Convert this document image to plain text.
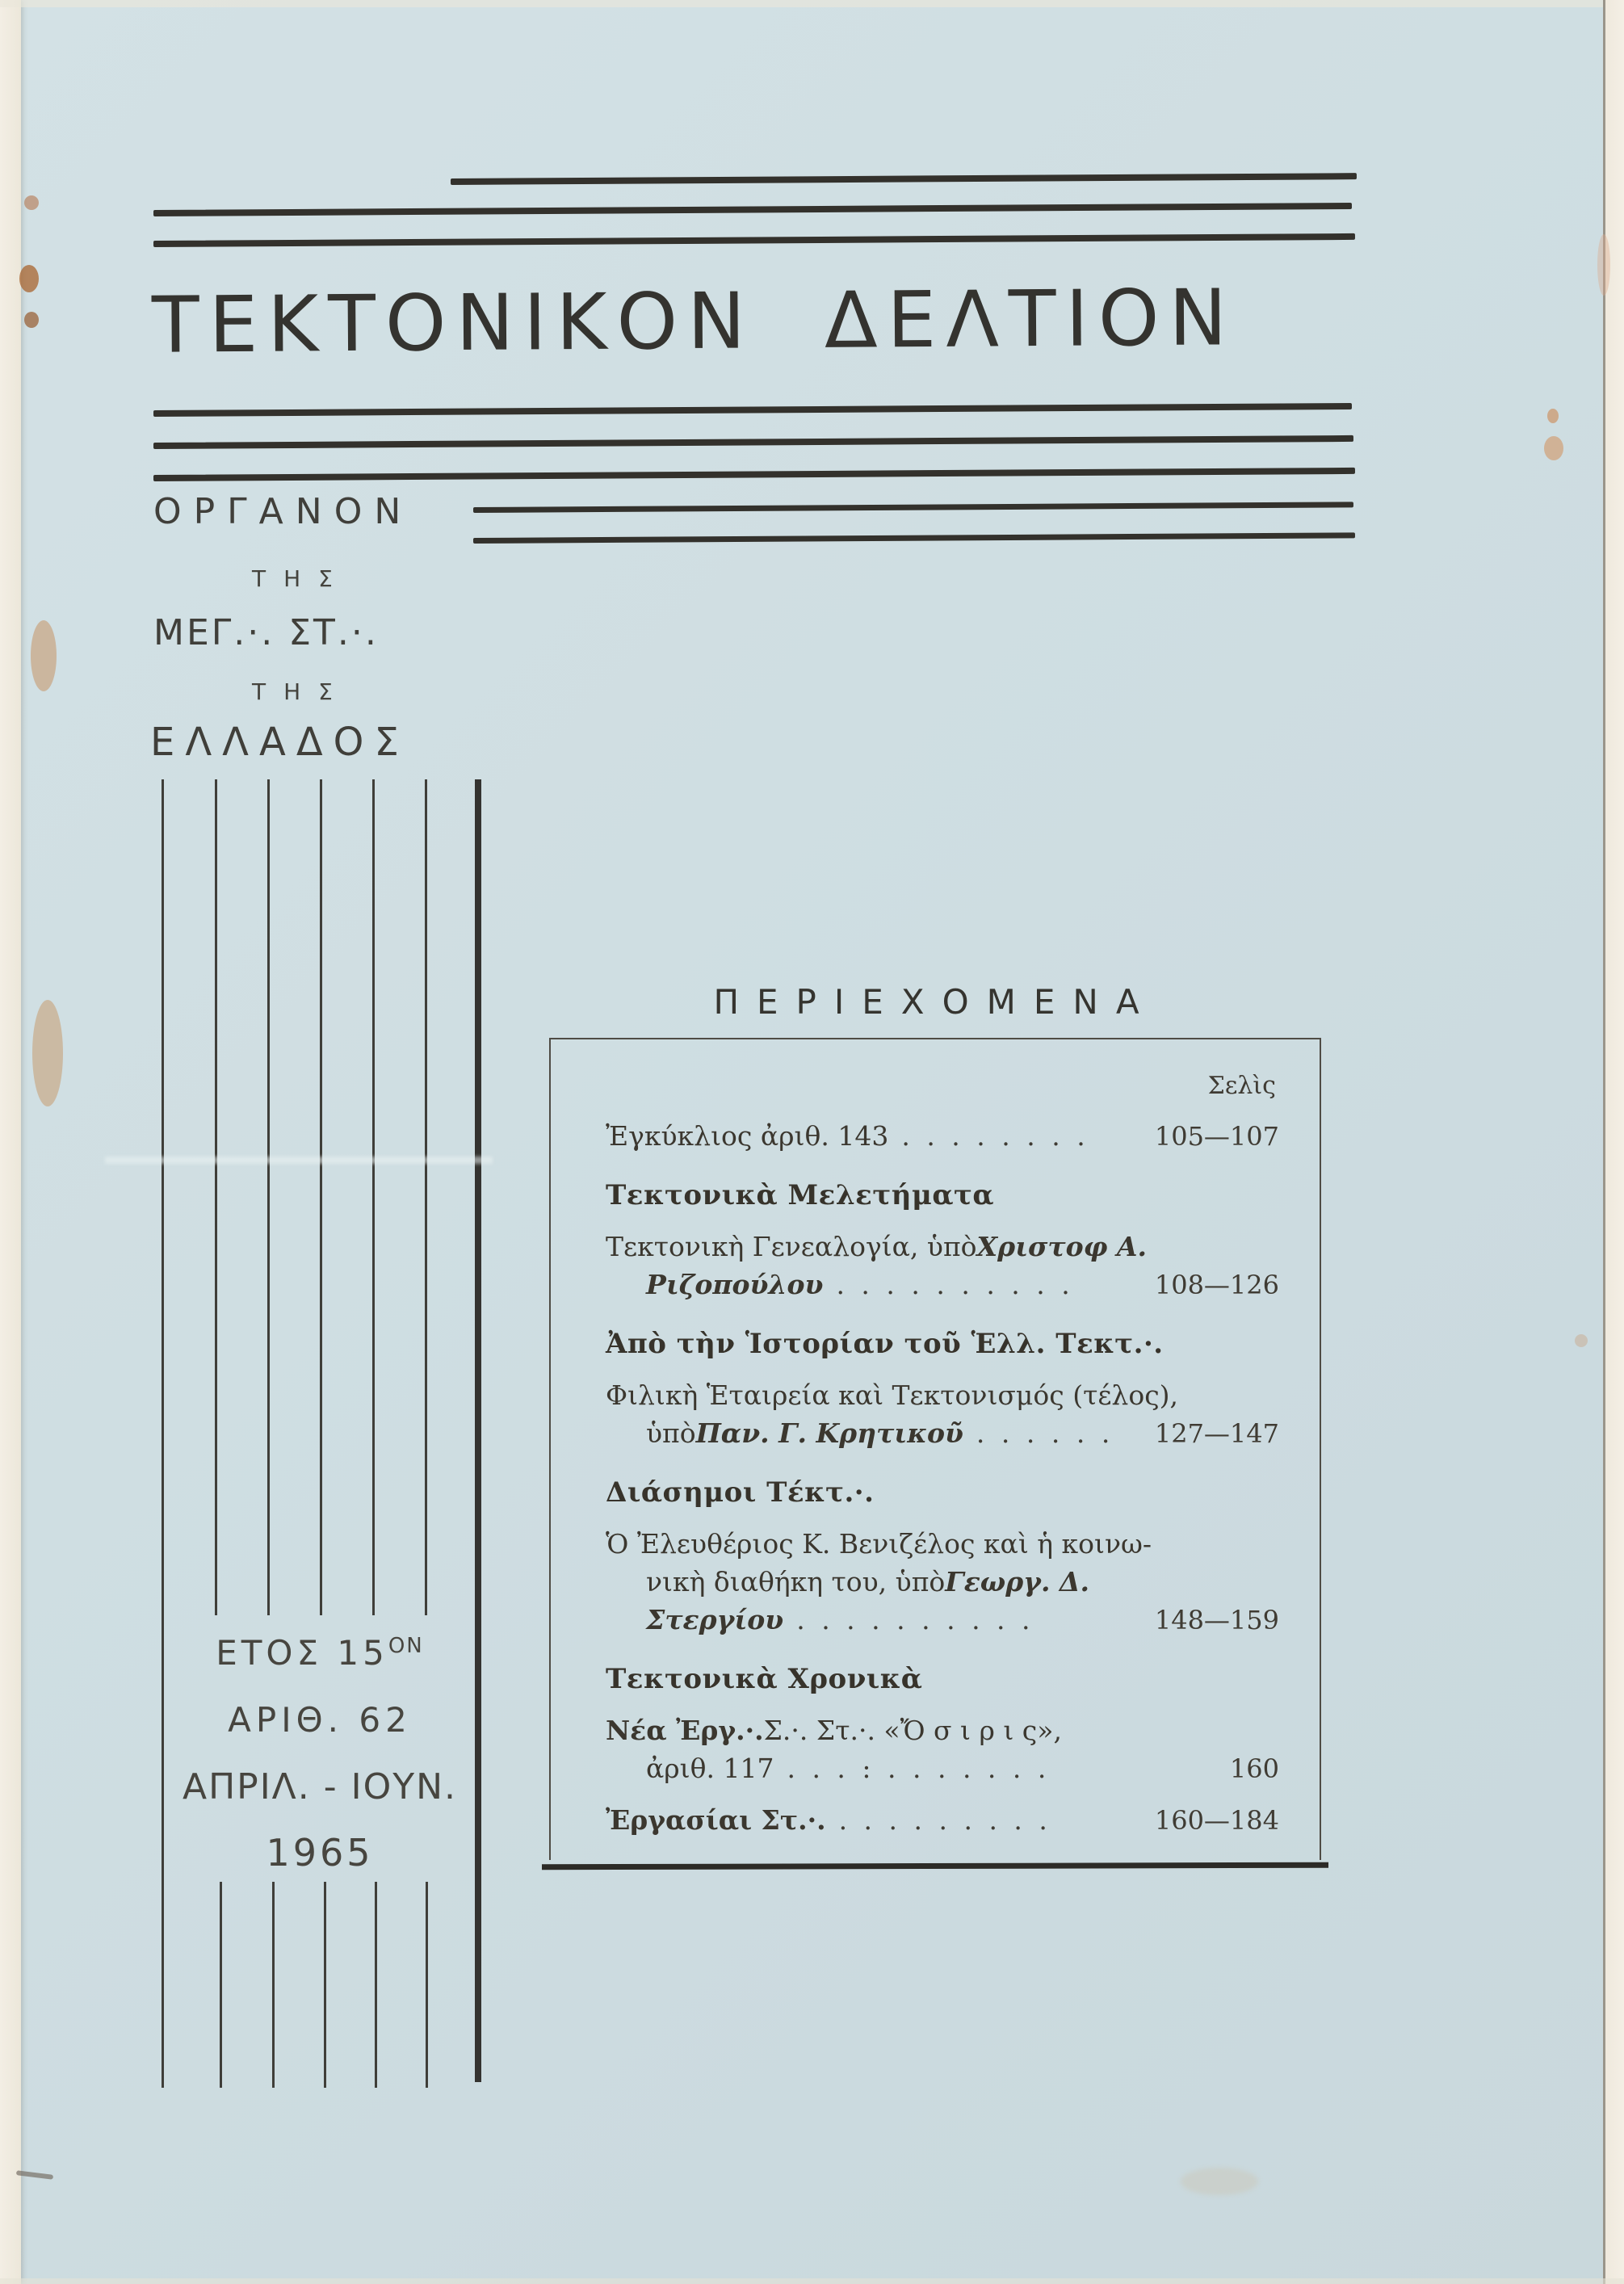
ΤΕΚΤΟΝΙΚΟΝ ΔΕΛΤΙΟΝ
ΟΡΓΑΝΟΝ
ΤΗΣ
ΜΕΓ.·. ΣΤ.·.
ΤΗΣ
ΕΛΛΑΔΟΣ
ΕΤΟΣ $15^{ON}$
ΑΡΙΘ. 62
ΑΠΡΙΛ. - ΙΟΥΝ.
1965
ΠΕΡΙΕΧΟΜΕΝΑ
Σελὶς
Ἐγκύκλιος ἀριθ. 143 . . . . . . . .	105—107
Τεκτονικὰ Μελετήματα
Τεκτονικὴ Γενεαλογία, ὑπὸ Χριστοφ Α.
Ριζοπούλου . . . . . . . . . .	108—126
Ἀπὸ τὴν Ἱστορίαν τοῦ Ἑλλ. Τεκτ.·.
Φιλικὴ Ἑταιρεία καὶ Τεκτονισμός (τέλος),
ὑπὸ Παν. Γ. Κρητικοῦ . . . . . .	127—147
Διάσημοι Τέκτ.·.
Ὁ Ἐλευθέριος Κ. Βενιζέλος καὶ ἡ κοινω-
νικὴ διαθήκη του, ὑπὸ Γεωργ. Δ.
Στεργίου . . . . . . . . . .	148—159
Τεκτονικὰ Χρονικὰ
Νέα Ἐργ.·. Σ.·. Στ.·. «Ὄ σ ι ρ ι ς»,
ἀριθ. 117 . . . : . . . . . . .	160
Ἐργασίαι Στ.·. . . . . . . . . .	160—184
